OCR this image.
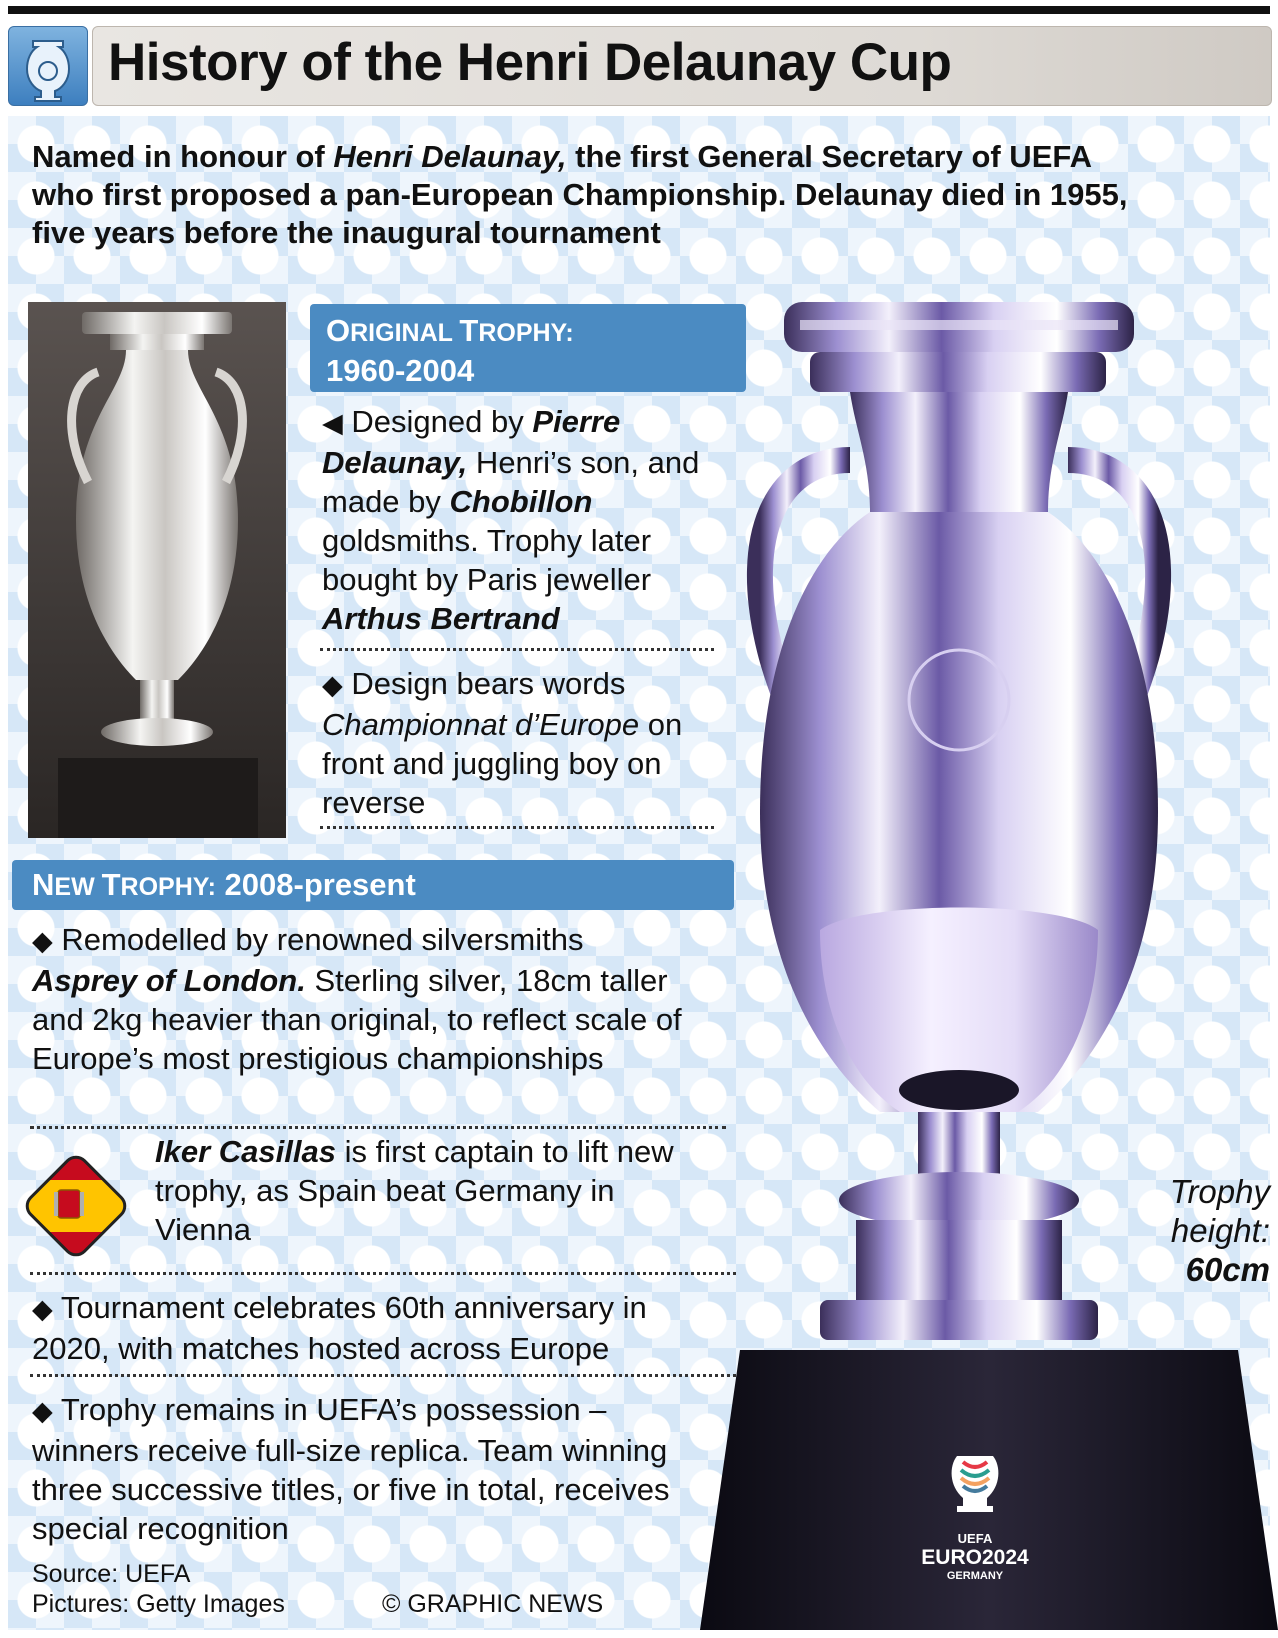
History of the Henri Delaunay Cup

Named in honour of Henri Delaunay, the first General Secretary of UEFA who first proposed a pan-European Championship. Delaunay died in 1955, five years before the inaugural tournament

ORIGINAL TROPHY:
1960-2004

◀ Designed by Pierre Delaunay, Henri’s son, and made by Chobillon goldsmiths. Trophy later bought by Paris jeweller Arthus Bertrand

◆ Design bears words Championnat d’Europe on front and juggling boy on reverse

NEW TROPHY: 2008-present

◆ Remodelled by renowned silversmiths Asprey of London. Sterling silver, 18cm taller and 2kg heavier than original, to reflect scale of Europe’s most prestigious championships

Iker Casillas is first captain to lift new trophy, as Spain beat Germany in Vienna

◆ Tournament celebrates 60th anniversary in 2020, with matches hosted across Europe

◆ Trophy remains in UEFA’s possession – winners receive full-size replica. Team winning three successive titles, or five in total, receives special recognition	UEFA
EURO2024
GERMANY

Trophy
height:
60cm

Source: UEFA

Pictures: Getty Images	© GRAPHIC NEWS
